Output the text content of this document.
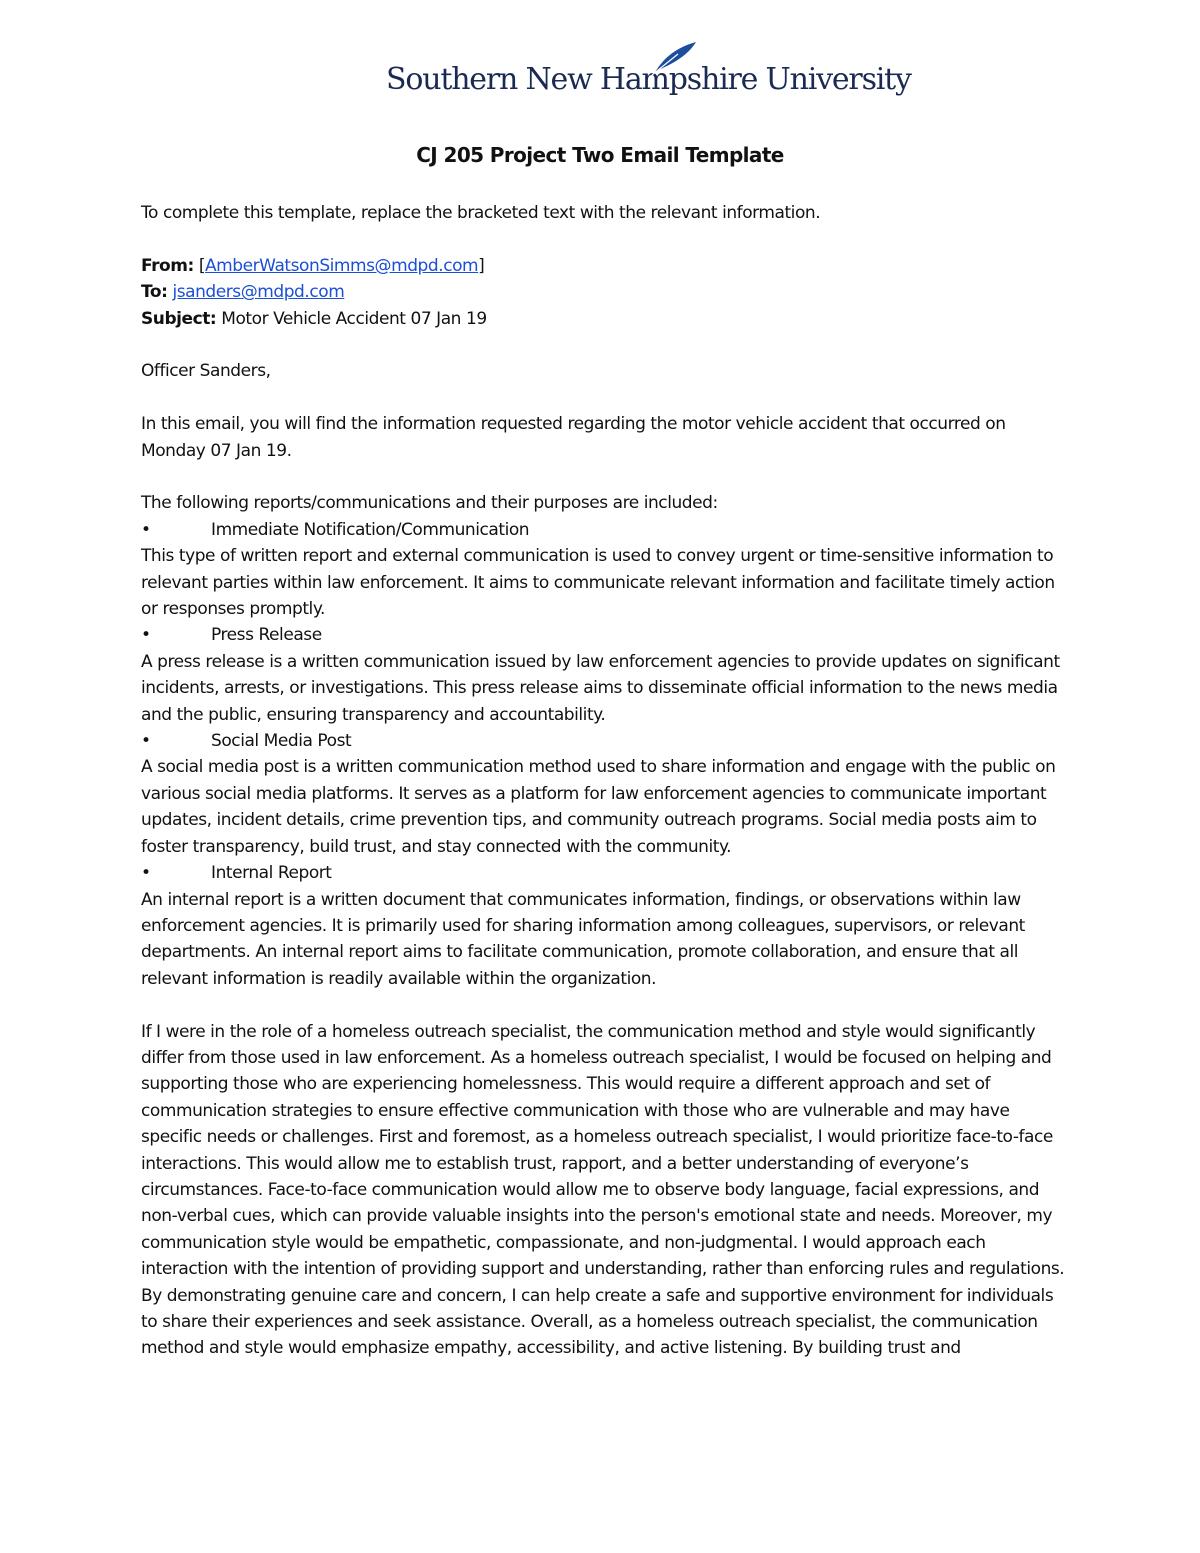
Southern New Hampshire University
CJ 205 Project Two Email Template

To complete this template, replace the bracketed text with the relevant information.

From: [AmberWatsonSimms@mdpd.com]

To: jsanders@mdpd.com

Subject: Motor Vehicle Accident 07 Jan 19

Officer Sanders,

In this email, you will find the information requested regarding the motor vehicle accident that occurred on Monday 07 Jan 19.

The following reports/communications and their purposes are included:

•	Immediate Notification/Communication

This type of written report and external communication is used to convey urgent or time-sensitive information to relevant parties within law enforcement. It aims to communicate relevant information and facilitate timely action or responses promptly.

•	Press Release

A press release is a written communication issued by law enforcement agencies to provide updates on significant incidents, arrests, or investigations. This press release aims to disseminate official information to the news media and the public, ensuring transparency and accountability.

•	Social Media Post

A social media post is a written communication method used to share information and engage with the public on various social media platforms. It serves as a platform for law enforcement agencies to communicate important updates, incident details, crime prevention tips, and community outreach programs. Social media posts aim to foster transparency, build trust, and stay connected with the community.

•	Internal Report

An internal report is a written document that communicates information, findings, or observations within law enforcement agencies. It is primarily used for sharing information among colleagues, supervisors, or relevant departments. An internal report aims to facilitate communication, promote collaboration, and ensure that all relevant information is readily available within the organization.

If I were in the role of a homeless outreach specialist, the communication method and style would significantly differ from those used in law enforcement. As a homeless outreach specialist, I would be focused on helping and supporting those who are experiencing homelessness. This would require a different approach and set of communication strategies to ensure effective communication with those who are vulnerable and may have specific needs or challenges. First and foremost, as a homeless outreach specialist, I would prioritize face-to-face interactions. This would allow me to establish trust, rapport, and a better understanding of everyone’s circumstances. Face-to-face communication would allow me to observe body language, facial expressions, and non-verbal cues, which can provide valuable insights into the person's emotional state and needs. Moreover, my communication style would be empathetic, compassionate, and non-judgmental. I would approach each interaction with the intention of providing support and understanding, rather than enforcing rules and regulations. By demonstrating genuine care and concern, I can help create a safe and supportive environment for individuals to share their experiences and seek assistance. Overall, as a homeless outreach specialist, the communication method and style would emphasize empathy, accessibility, and active listening. By building trust and
